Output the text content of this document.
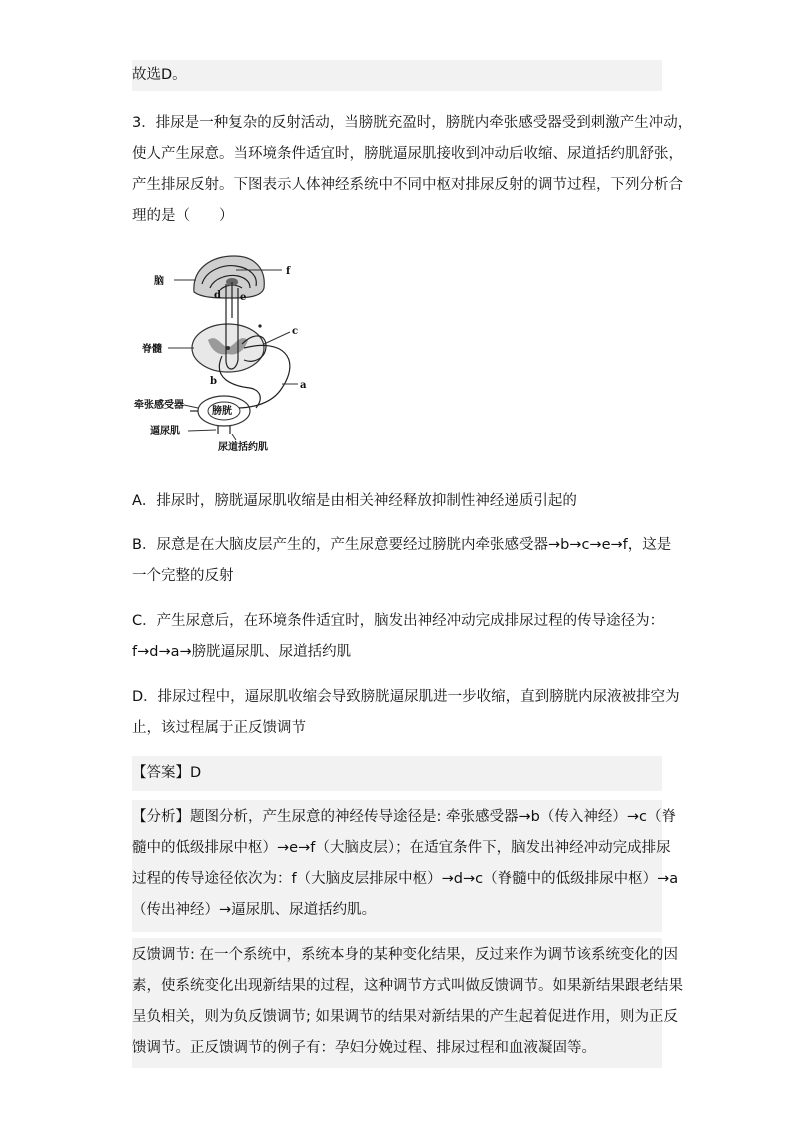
故选D。

3．排尿是一种复杂的反射活动，当膀胱充盈时，膀胱内牵张感受器受到刺激产生冲动，
使人产生尿意。当环境条件适宜时，膀胱逼尿肌接收到冲动后收缩、尿道括约肌舒张，
产生排尿反射。下图表示人体神经系统中不同中枢对排尿反射的调节过程，下列分析合
理的是（　　）

脑
f
d e
脊髓
c
b	a
牵张感受器
膀胱
逼尿肌
尿道括约肌

A．排尿时，膀胱逼尿肌收缩是由相关神经释放抑制性神经递质引起的

B．尿意是在大脑皮层产生的，产生尿意要经过膀胱内牵张感受器→b→c→e→f，这是
一个完整的反射

C．产生尿意后，在环境条件适宜时，脑发出神经冲动完成排尿过程的传导途径为：
f→d→a→膀胱逼尿肌、尿道括约肌

D．排尿过程中，逼尿肌收缩会导致膀胱逼尿肌进一步收缩，直到膀胱内尿液被排空为
止，该过程属于正反馈调节

【答案】D

【分析】题图分析，产生尿意的神经传导途径是: 牵张感受器→b（传入神经）→c（脊
髓中的低级排尿中枢）→e→f（大脑皮层）；在适宜条件下，脑发出神经冲动完成排尿
过程的传导途径依次为：f（大脑皮层排尿中枢）→d→c（脊髓中的低级排尿中枢）→a
（传出神经）→逼尿肌、尿道括约肌。

反馈调节: 在一个系统中，系统本身的某种变化结果，反过来作为调节该系统变化的因
素，使系统变化出现新结果的过程，这种调节方式叫做反馈调节。如果新结果跟老结果
呈负相关，则为负反馈调节; 如果调节的结果对新结果的产生起着促进作用，则为正反
馈调节。正反馈调节的例子有：孕妇分娩过程、排尿过程和血液凝固等。
